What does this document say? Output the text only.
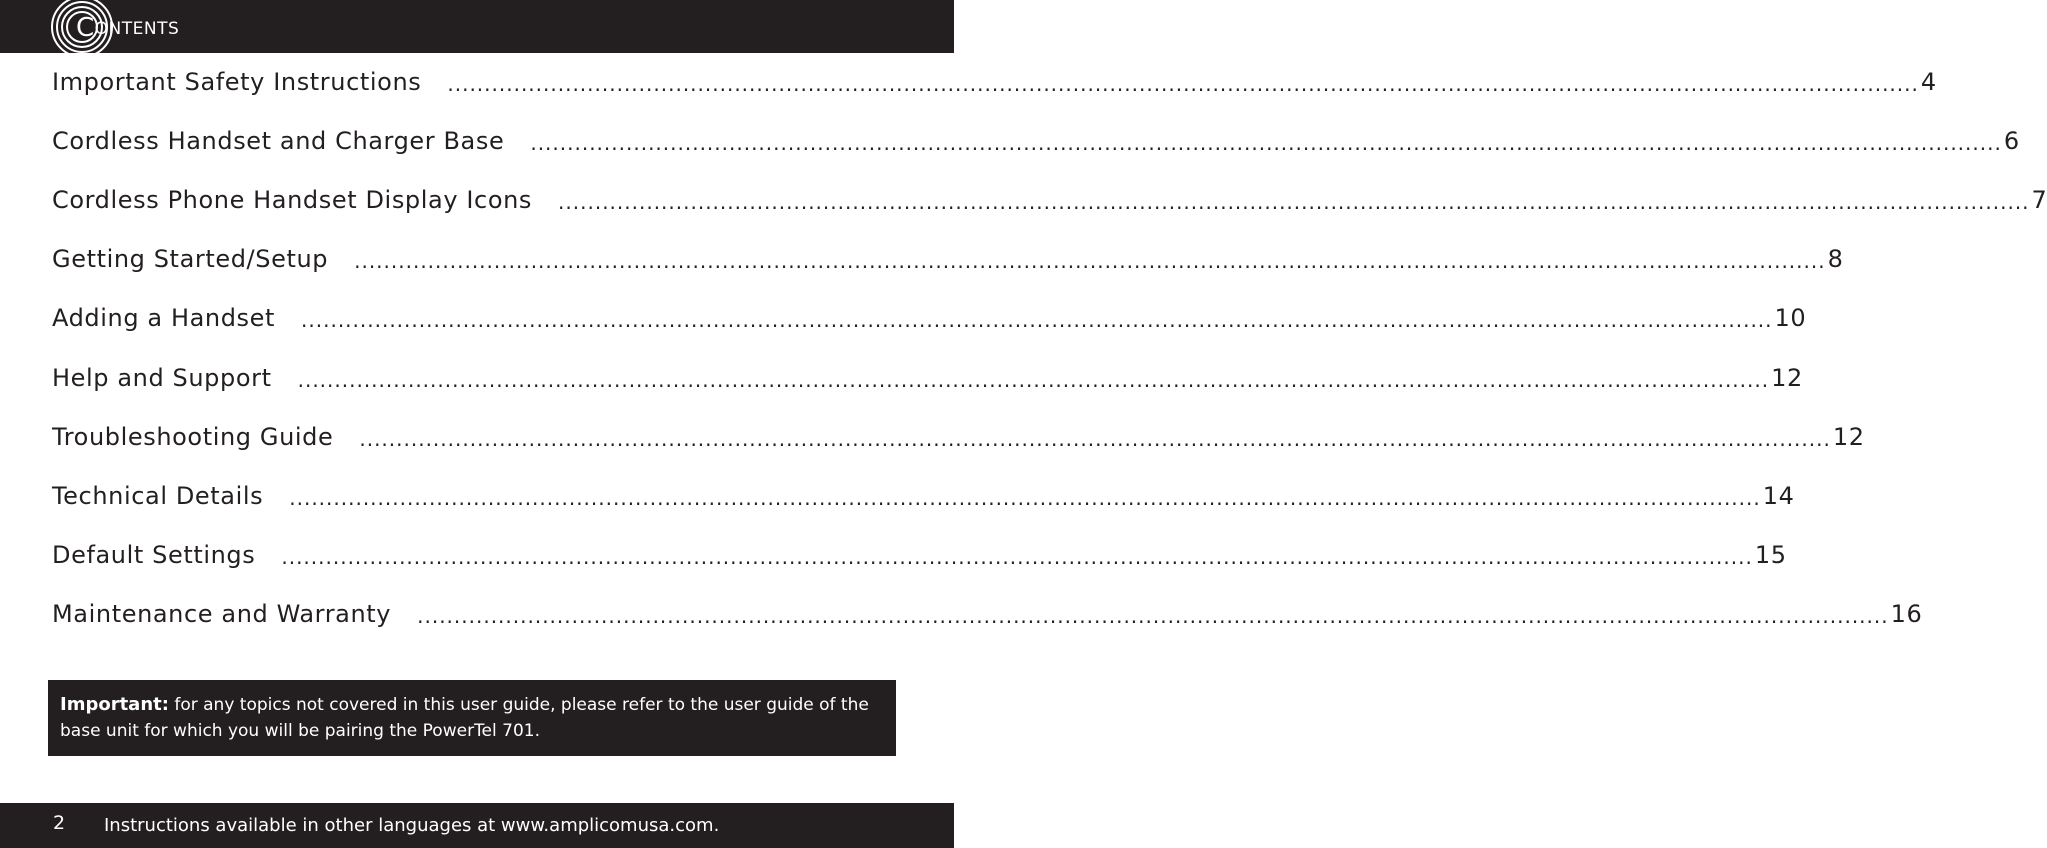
CONTENTS
Important Safety Instructions ........................................................................................................................................................................................................ 4
Cordless Handset and Charger Base ........................................................................................................................................................................................................ 6
Cordless Phone Handset Display Icons ........................................................................................................................................................................................................ 7
Getting Started/Setup ........................................................................................................................................................................................................ 8
Adding a Handset ........................................................................................................................................................................................................ 10
Help and Support ........................................................................................................................................................................................................ 12
Troubleshooting Guide ........................................................................................................................................................................................................ 12
Technical Details ........................................................................................................................................................................................................ 14
Default Settings ........................................................................................................................................................................................................ 15
Maintenance and Warranty ........................................................................................................................................................................................................ 16
Important: for any topics not covered in this user guide, please refer to the user guide of the base unit for which you will be pairing the PowerTel 701.
2 Instructions available in other languages at www.amplicomusa.com.
